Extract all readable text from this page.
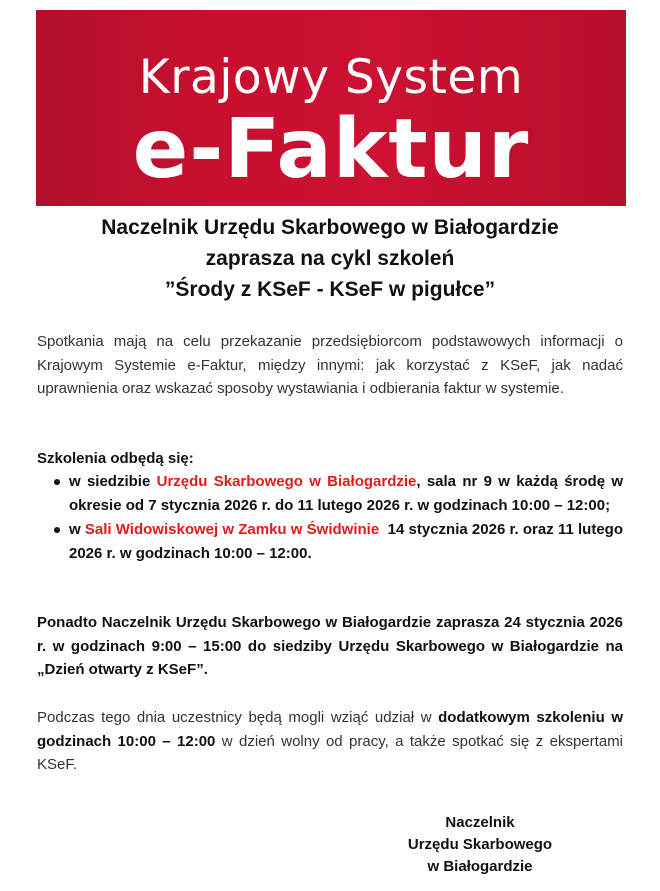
Krajowy System
e-Faktur
Naczelnik Urzędu Skarbowego w Białogardzie
zaprasza na cykl szkoleń
”Środy z KSeF - KSeF w pigułce”
Spotkania mają na celu przekazanie przedsiębiorcom podstawowych informacji o Krajowym Systemie e-Faktur, między innymi: jak korzystać z KSeF, jak nadać uprawnienia oraz wskazać sposoby wystawiania i odbierania faktur w systemie.
Szkolenia odbędą się:
w siedzibie Urzędu Skarbowego w Białogardzie, sala nr 9 w każdą środę w okresie od 7 stycznia 2026 r. do 11 lutego 2026 r. w godzinach 10:00 – 12:00;
w Sali Widowiskowej w Zamku w Świdwinie  14 stycznia 2026 r. oraz 11 lutego 2026 r. w godzinach 10:00 – 12:00.
Ponadto Naczelnik Urzędu Skarbowego w Białogardzie zaprasza 24 stycznia 2026 r. w godzinach 9:00 – 15:00 do siedziby Urzędu Skarbowego w Białogardzie na „Dzień otwarty z KSeF”.
Podczas tego dnia uczestnicy będą mogli wziąć udział w dodatkowym szkoleniu w godzinach 10:00 – 12:00 w dzień wolny od pracy, a także spotkać się z ekspertami KSeF.
Naczelnik
Urzędu Skarbowego
w Białogardzie
